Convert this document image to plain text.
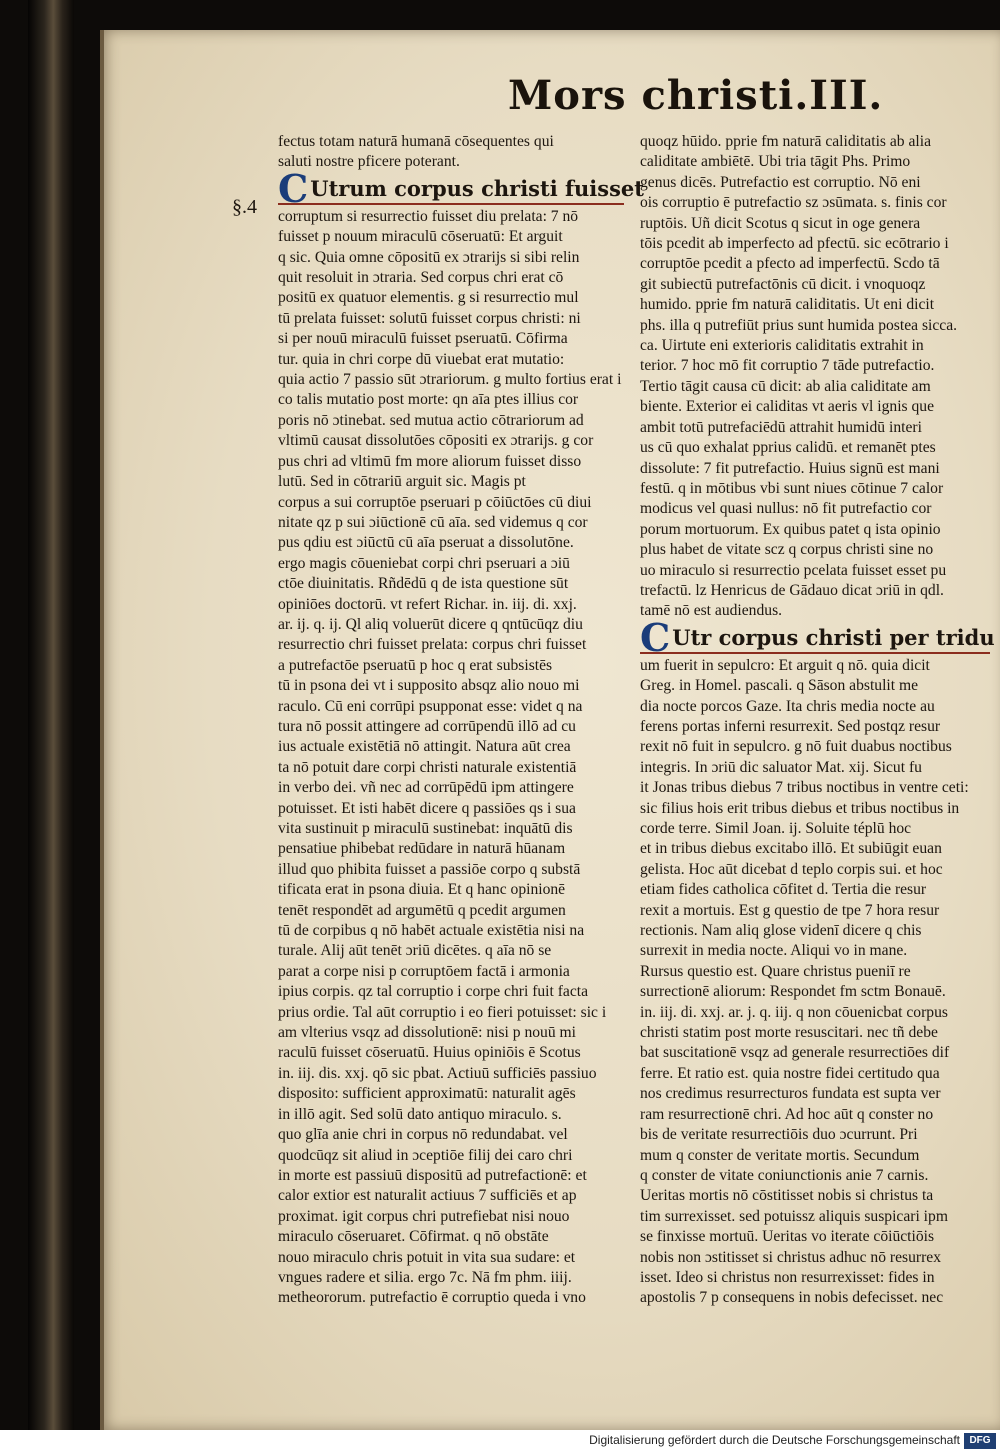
Mors christi.III.
§.4

fectus totam naturā humanā cōsequentes qui

saluti nostre pficere poterant.

CUtrum corpus christi fuisset

corruptum si resurrectio fuisset diu prelata: 7 nō

fuisset p nouum miraculū cōseruatū: Et arguit

q sic. Quia omne cōpositū ex ɔtrarijs si sibi relin

quit resoluit in ɔtraria. Sed corpus chri erat cō

positū ex quatuor elementis. g si resurrectio mul

tū prelata fuisset: solutū fuisset corpus christi: ni

si per nouū miraculū fuisset pseruatū. Cōfirma

tur. quia in chri corpe dū viuebat erat mutatio:

quia actio 7 passio sūt ɔtrariorum. g multo fortius erat i

co talis mutatio post morte: qn aīa ptes illius cor

poris nō ɔtinebat. sed mutua actio cōtrariorum ad

vltimū causat dissolutōes cōpositi ex ɔtrarijs. g cor

pus chri ad vltimū fm more aliorum fuisset disso

lutū. Sed in cōtrariū arguit sic. Magis pt

corpus a sui corruptōe pseruari p cōiūctōes cū diui

nitate qz p sui ɔiūctionē cū aīa. sed videmus q cor

pus qdiu est ɔiūctū cū aīa pseruat a dissolutōne.

ergo magis cōueniebat corpi chri pseruari a ɔiū

ctōe diuinitatis. Rñdēdū q de ista questione sūt

opiniōes doctorū. vt refert Richar. in. iij. di. xxj.

ar. ij. q. ij. Ql aliq voluerūt dicere q qntūcūqz diu

resurrectio chri fuisset prelata: corpus chri fuisset

a putrefactōe pseruatū p hoc q erat subsistēs

tū in psona dei vt i supposito absqz alio nouo mi

raculo. Cū eni corrūpi psupponat esse: videt q na

tura nō possit attingere ad corrūpendū illō ad cu

ius actuale existētiā nō attingit. Natura aūt crea

ta nō potuit dare corpi christi naturale existentiā

in verbo dei. vñ nec ad corrūpēdū ipm attingere

potuisset. Et isti habēt dicere q passiōes qs i sua

vita sustinuit p miraculū sustinebat: inquātū dis

pensatiue phibebat redūdare in naturā hūanam

illud quo phibita fuisset a passiōe corpo q substā

tificata erat in psona diuia. Et q hanc opinionē

tenēt respondēt ad argumētū q pcedit argumen

tū de corpibus q nō habēt actuale existētia nisi na

turale. Alij aūt tenēt ɔriū dicētes. q aīa nō se

parat a corpe nisi p corruptōem factā i armonia

ipius corpis. qz tal corruptio i corpe chri fuit facta

prius ordie. Tal aūt corruptio i eo fieri potuisset: sic i

am vlterius vsqz ad dissolutionē: nisi p nouū mi

raculū fuisset cōseruatū. Huius opiniōis ē Scotus

in. iij. dis. xxj. qō sic pbat. Actiuū sufficiēs passiuo

disposito: sufficient approximatū: naturalit agēs

in illō agit. Sed solū dato antiquo miraculo. s.

quo glīa anie chri in corpus nō redundabat. vel

quodcūqz sit aliud in ɔceptiōe filij dei caro chri

in morte est passiuū dispositū ad putrefactionē: et

calor extior est naturalit actiuus 7 sufficiēs et ap

proximat. igit corpus chri putrefiebat nisi nouo

miraculo cōseruaret. Cōfirmat. q nō obstāte

nouo miraculo chris potuit in vita sua sudare: et

vngues radere et silia. ergo 7c. Nā fm phm. iiij.

metheororum. putrefactio ē corruptio queda i vno

quoqz hūido. pprie fm naturā caliditatis ab alia

caliditate ambiētē. Ubi tria tāgit Phs. Primo

genus dicēs. Putrefactio est corruptio. Nō eni

ois corruptio ē putrefactio sz ɔsūmata. s. finis cor

ruptōis. Uñ dicit Scotus q sicut in oge genera

tōis pcedit ab imperfecto ad pfectū. sic ecōtrario i

corruptōe pcedit a pfecto ad imperfectū. Scdo tā

git subiectū putrefactōnis cū dicit. i vnoquoqz

humido. pprie fm naturā caliditatis. Ut eni dicit

phs. illa q putrefiūt prius sunt humida postea sicca.

ca. Uirtute eni exterioris caliditatis extrahit in

terior. 7 hoc mō fit corruptio 7 tāde putrefactio.

Tertio tāgit causa cū dicit: ab alia caliditate am

biente. Exterior ei caliditas vt aeris vl ignis que

ambit totū putrefaciēdū attrahit humidū interi

us cū quo exhalat pprius calidū. et remanēt ptes

dissolute: 7 fit putrefactio. Huius signū est mani

festū. q in mōtibus vbi sunt niues cōtinue 7 calor

modicus vel quasi nullus: nō fit putrefactio cor

porum mortuorum. Ex quibus patet q ista opinio

plus habet de vitate scz q corpus christi sine no

uo miraculo si resurrectio pcelata fuisset esset pu

trefactū. lz Henricus de Gādauo dicat ɔriū in qdl.

tamē nō est audiendus.

CUtr corpus christi per tridu

um fuerit in sepulcro: Et arguit q nō. quia dicit

Greg. in Homel. pascali. q Sāson abstulit me

dia nocte porcos Gaze. Ita chris media nocte au

ferens portas inferni resurrexit. Sed postqz resur

rexit nō fuit in sepulcro. g nō fuit duabus noctibus

integris. In ɔriū dic saluator Mat. xij. Sicut fu

it Jonas tribus diebus 7 tribus noctibus in ventre ceti:

sic filius hois erit tribus diebus et tribus noctibus in

corde terre. Simil Joan. ij. Soluite téplū hoc

et in tribus diebus excitabo illō. Et subiūgit euan

gelista. Hoc aūt dicebat d teplo corpis sui. et hoc

etiam fides catholica cōfitet d. Tertia die resur

rexit a mortuis. Est g questio de tpe 7 hora resur

rectionis. Nam aliq glose videnī dicere q chis

surrexit in media nocte. Aliqui vo in mane.

Rursus questio est. Quare christus pueniī re

surrectionē aliorum: Respondet fm sctm Bonauē.

in. iij. di. xxj. ar. j. q. iij. q non cōuenicbat corpus

christi statim post morte resuscitari. nec tñ debe

bat suscitationē vsqz ad generale resurrectiōes dif

ferre. Et ratio est. quia nostre fidei certitudo qua

nos credimus resurrecturos fundata est supta ver

ram resurrectionē chri. Ad hoc aūt q conster no

bis de veritate resurrectiōis duo ɔcurrunt. Pri

mum q conster de veritate mortis. Secundum

q conster de vitate coniunctionis anie 7 carnis.

Ueritas mortis nō cōstitisset nobis si christus ta

tim surrexisset. sed potuissz aliquis suspicari ipm

se finxisse mortuū. Ueritas vo iterate cōiūctiōis

nobis non ɔstitisset si christus adhuc nō resurrex

isset. Ideo si christus non resurrexisset: fides in

apostolis 7 p consequens in nobis defecisset. nec

Digitalisierung gefördert durch die Deutsche Forschungsgemeinschaft DFG
